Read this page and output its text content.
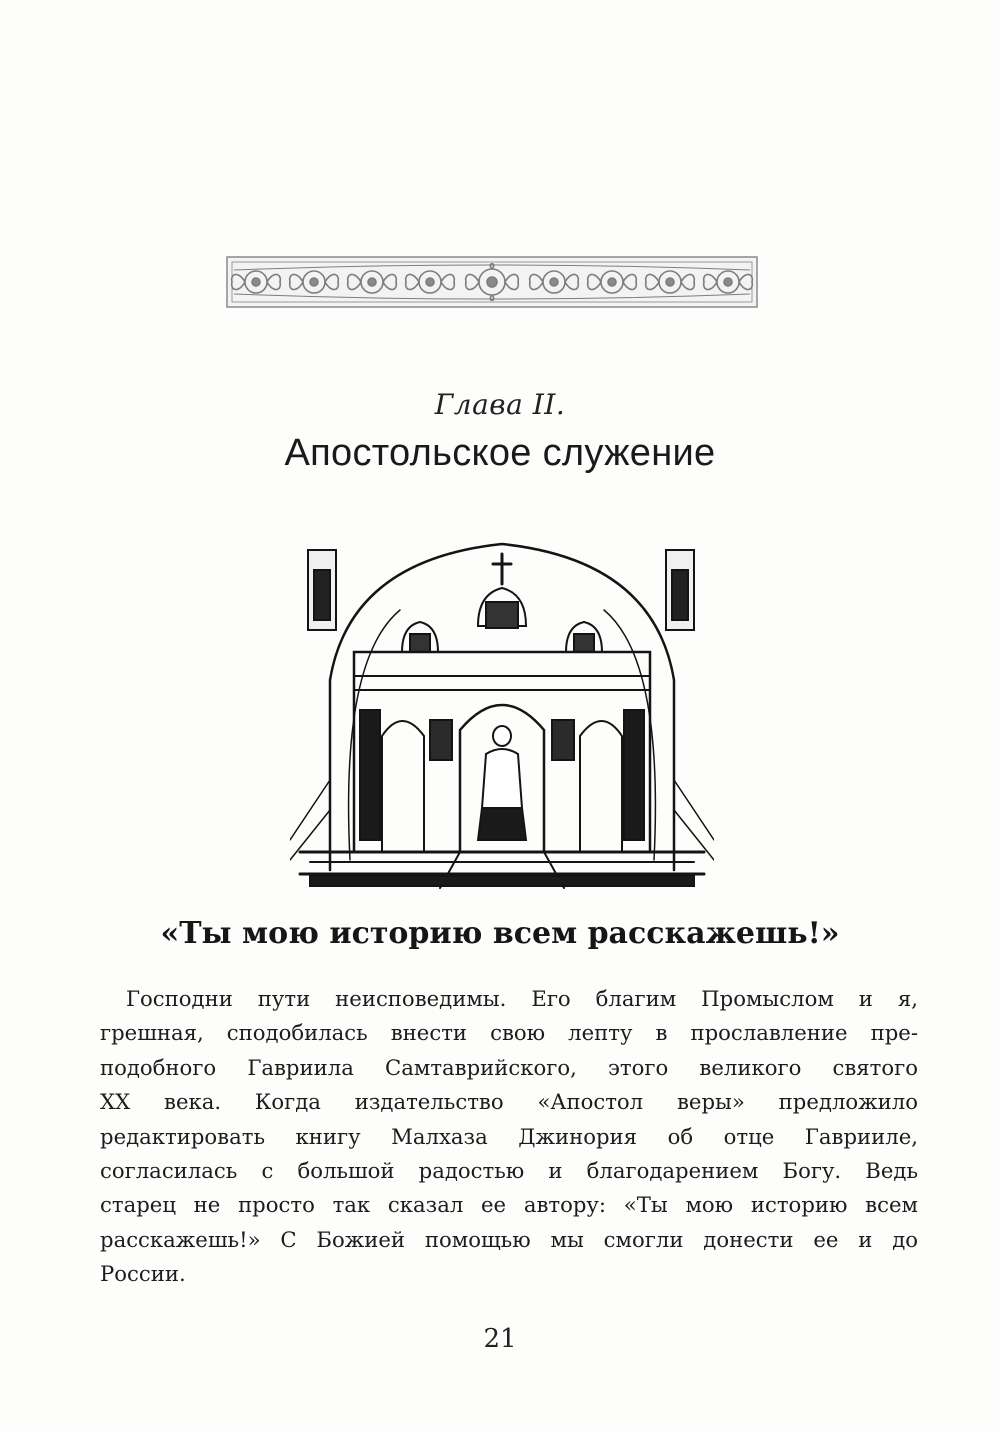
Глава II.
Апостольское служение
«Ты мою историю всем расскажешь!»
Господни пути неисповедимы. Его благим Промыслом и я,
грешная, сподобилась внести свою лепту в прославление пре-
подобного Гавриила Самтаврийского, этого великого святого
XX века. Когда издательство «Апостол веры» предложило
редактировать книгу Малхаза Джинория об отце Гаврииле,
согласилась с большой радостью и благодарением Богу. Ведь
старец не просто так сказал ее автору: «Ты мою историю всем
расскажешь!» С Божией помощью мы смогли донести ее и до
России.
21
